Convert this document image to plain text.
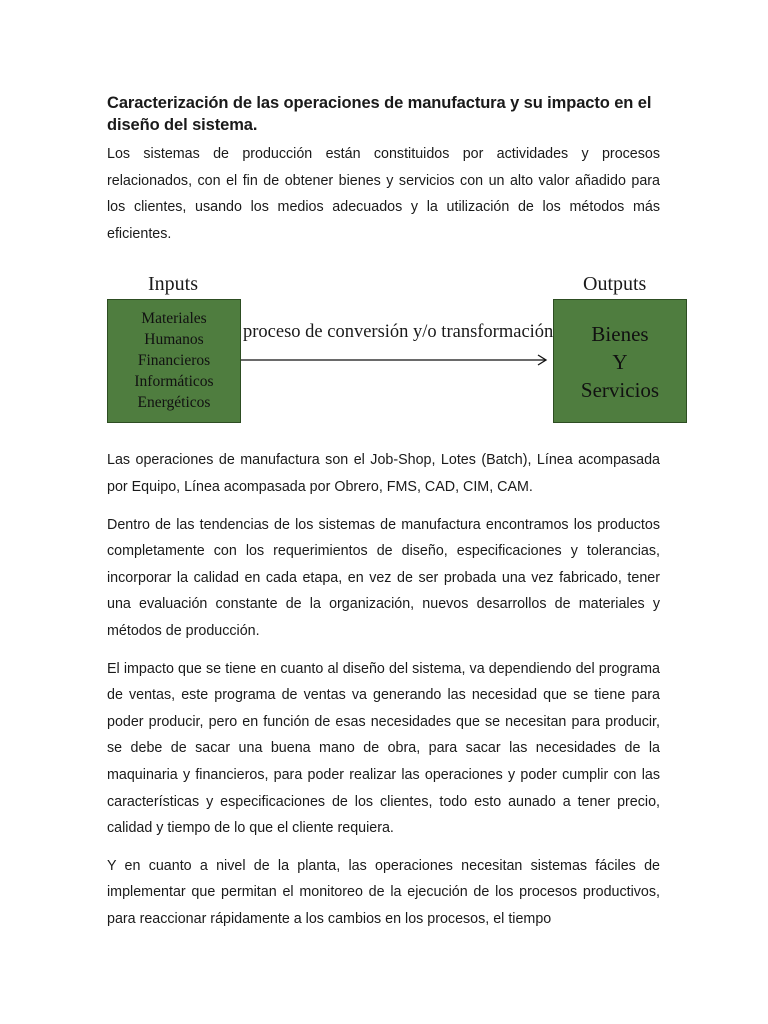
Caracterización de las operaciones de manufactura y su impacto en el diseño del sistema.

Los sistemas de producción están constituidos por actividades y procesos relacionados, con el fin de obtener bienes y servicios con un alto valor añadido para los clientes, usando los medios adecuados y la utilización de los métodos más eficientes.

Inputs	Outputs
Materiales
Humanos
Financieros
Informáticos
Energéticos
proceso de conversión y/o transformación	Bienes
Y
Servicios

Las operaciones de manufactura son el Job-Shop, Lotes (Batch), Línea acompasada por Equipo, Línea acompasada por Obrero, FMS, CAD, CIM, CAM.

Dentro de las tendencias de los sistemas de manufactura encontramos los productos completamente con los requerimientos de diseño, especificaciones y tolerancias, incorporar la calidad en cada etapa, en vez de ser probada una vez fabricado, tener una evaluación constante de la organización, nuevos desarrollos de materiales y métodos de producción.

El impacto que se tiene en cuanto al diseño del sistema, va dependiendo del programa de ventas, este programa de ventas va generando las necesidad que se tiene para poder producir, pero en función de esas necesidades que se necesitan para producir, se debe de sacar una buena mano de obra, para sacar las necesidades de la maquinaria y financieros, para poder realizar las operaciones y poder cumplir con las características y especificaciones de los clientes, todo esto aunado a tener precio, calidad y tiempo de lo que el cliente requiera.

Y en cuanto a nivel de la planta, las operaciones necesitan sistemas fáciles de implementar que permitan el monitoreo de la ejecución de los procesos productivos, para reaccionar rápidamente a los cambios en los procesos, el tiempo
